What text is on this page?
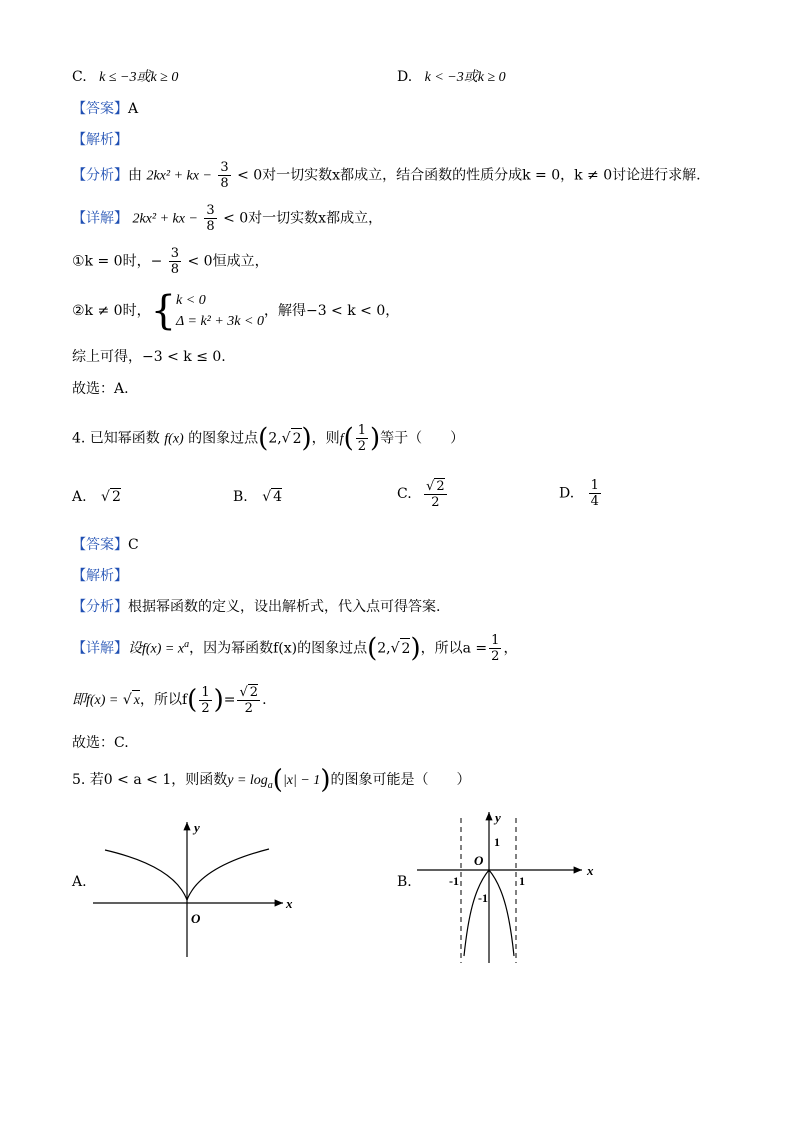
C. k ≤ −3或k ≥ 0	D. k < −3或k ≥ 0
【答案】A
【解析】
【分析】由 2kx² + kx − $\frac{3}{8} < 0$对一切实数x都成立，结合函数的性质分成k = 0，k ≠ 0讨论进行求解.
【详解】 2kx² + kx − $\frac{3}{8} < 0$对一切实数x都成立，
①k = 0时，− $\frac{3}{8} < 0$恒成立，
②k ≠ 0时，{ k < 0
Δ = k² + 3k < 0
，解得−3 < k < 0，
综上可得，−3 < k ≤ 0.
故选：A.
4. 已知幂函数 f(x) 的图象过点(2,√ 2)，则$f( \frac{1}{2}$ )等于（　　）
A. √ 2	B. √ 4	C. $\frac{√ 2}{2}$	D. $\frac{1}{4}$
【答案】C
【解析】
【分析】根据幂函数的定义，设出解析式，代入点可得答案.
【详解】设$f(x) = x^a$，因为幂函数f(x)的图象过点(2,√ 2)，所以$a = \frac{1}{2}$ ，
即f(x) = √ x，所以$f( \frac{1}{2}$ )= $\frac{√ 2}{2}$ .
故选：C.
5. 若0 < a < 1，则函数$y = \log_a(|x| - 1)$的图象可能是（　　）
A.	B.
x
y
O
x
y
O
1
-1	1
-1
